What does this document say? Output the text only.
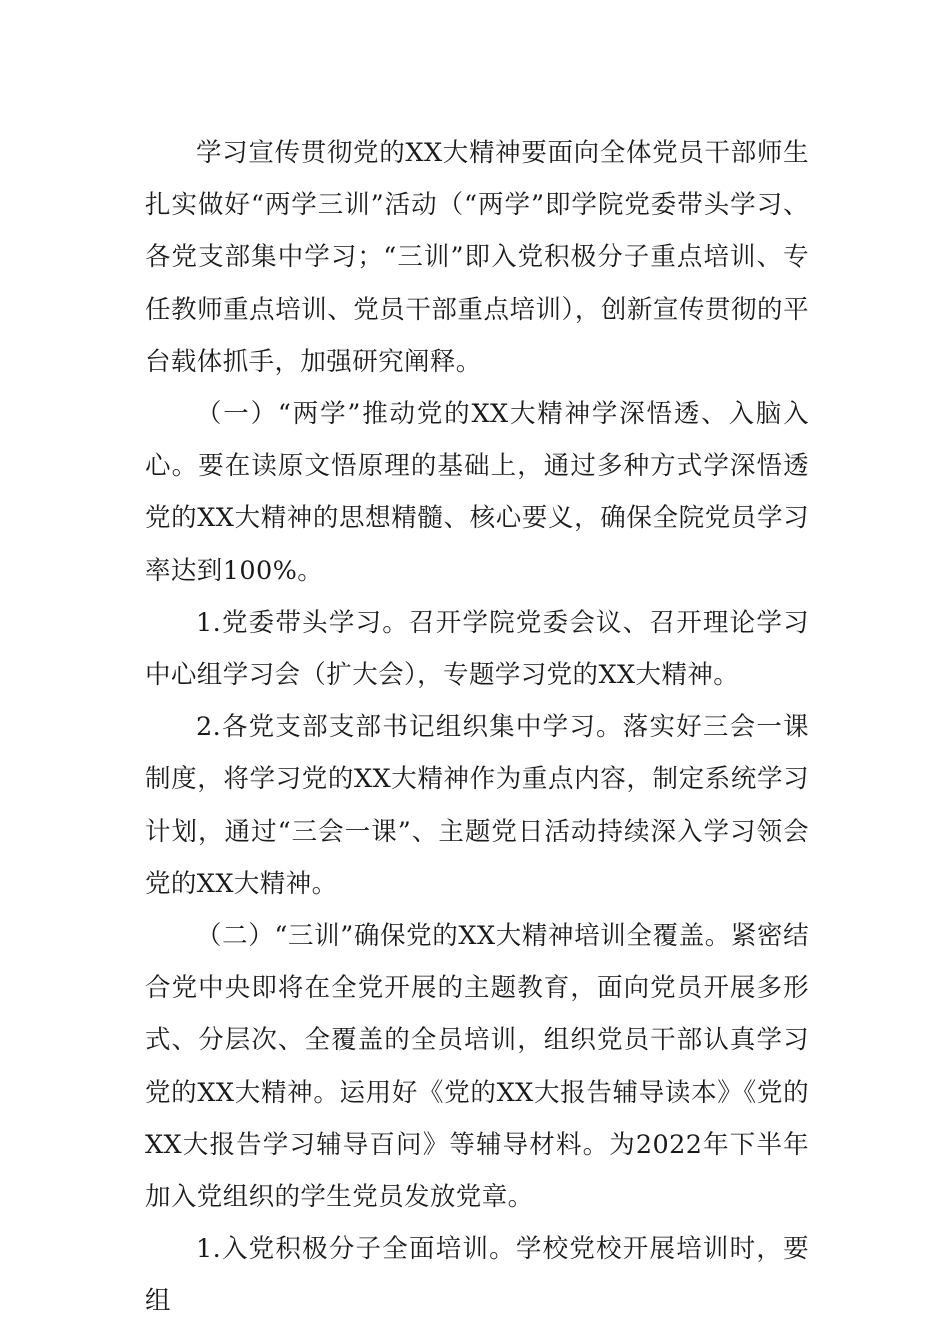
学习宣传贯彻党的XX大精神要面向全体党员干部师生扎实做好“两学三训”活动（“两学”即学院党委带头学习、各党支部集中学习；“三训”即入党积极分子重点培训、专任教师重点培训、党员干部重点培训），创新宣传贯彻的平台载体抓手，加强研究阐释。

（一）“两学”推动党的XX大精神学深悟透、入脑入心。要在读原文悟原理的基础上，通过多种方式学深悟透党的XX大精神的思想精髓、核心要义，确保全院党员学习率达到100%。

1.党委带头学习。召开学院党委会议、召开理论学习中心组学习会（扩大会），专题学习党的XX大精神。

2.各党支部支部书记组织集中学习。落实好三会一课制度，将学习党的XX大精神作为重点内容，制定系统学习计划，通过“三会一课”、主题党日活动持续深入学习领会党的XX大精神。

（二）“三训”确保党的XX大精神培训全覆盖。紧密结合党中央即将在全党开展的主题教育，面向党员开展多形式、分层次、全覆盖的全员培训，组织党员干部认真学习党的XX大精神。运用好《党的XX大报告辅导读本》《党的XX大报告学习辅导百问》等辅导材料。为2022年下半年加入党组织的学生党员发放党章。

1.入党积极分子全面培训。学校党校开展培训时，要组
